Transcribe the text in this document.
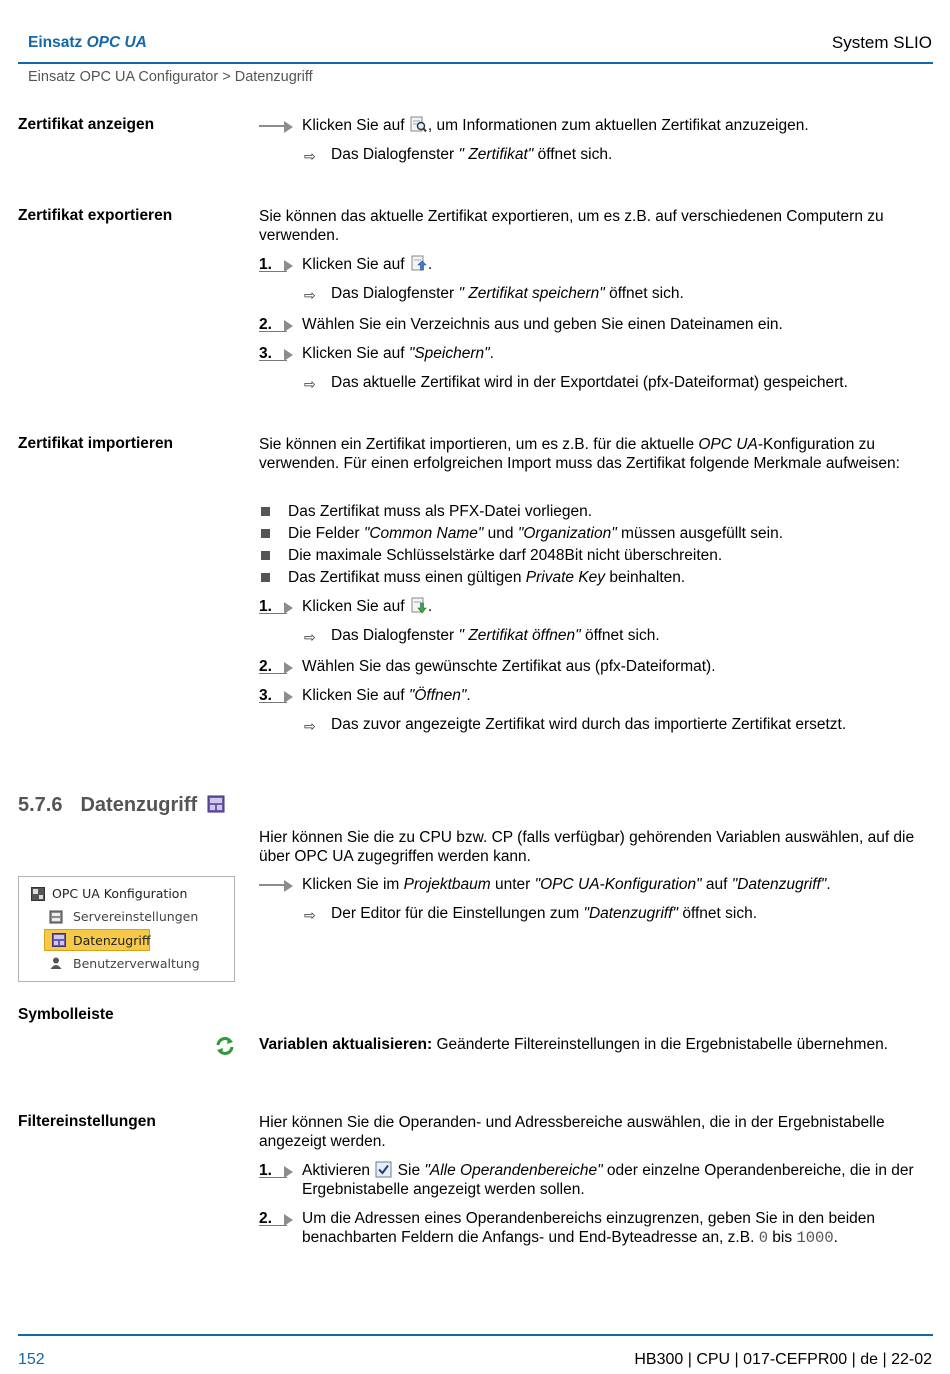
Einsatz OPC UA	System SLIO
Einsatz OPC UA Configurator > Datenzugriff
Zertifikat anzeigen	Klicken Sie auf , um Informationen zum aktuellen Zertifikat anzuzeigen.
⇨ Das Dialogfenster " Zertifikat" öffnet sich.
Zertifikat exportieren	Sie können das aktuelle Zertifikat exportieren, um es z.B. auf verschiedenen Computern zu verwenden.
1.	Klicken Sie auf .
⇨ Das Dialogfenster " Zertifikat speichern" öffnet sich.
2.	Wählen Sie ein Verzeichnis aus und geben Sie einen Dateinamen ein.
3.	Klicken Sie auf "Speichern".
⇨ Das aktuelle Zertifikat wird in der Exportdatei (pfx-Dateiformat) gespeichert.
Zertifikat importieren	Sie können ein Zertifikat importieren, um es z.B. für die aktuelle OPC UA-Konfiguration zu verwenden. Für einen erfolgreichen Import muss das Zertifikat folgende Merkmale aufweisen:
Das Zertifikat muss als PFX-Datei vorliegen.
Die Felder "Common Name" und "Organization" müssen ausgefüllt sein.
Die maximale Schlüsselstärke darf 2048Bit nicht überschreiten.
Das Zertifikat muss einen gültigen Private Key beinhalten.
1.	Klicken Sie auf .
⇨ Das Dialogfenster " Zertifikat öffnen" öffnet sich.
2.	Wählen Sie das gewünschte Zertifikat aus (pfx-Dateiformat).
3.	Klicken Sie auf "Öffnen".
⇨ Das zuvor angezeigte Zertifikat wird durch das importierte Zertifikat ersetzt.
5.7.6 Datenzugriff
Hier können Sie die zu CPU bzw. CP (falls verfügbar) gehörenden Variablen auswählen, auf die über OPC UA zugegriffen werden kann.
OPC UA Konfiguration
Servereinstellungen
Datenzugriff
Benutzerverwaltung
Klicken Sie im Projektbaum unter "OPC UA-Konfiguration" auf "Datenzugriff".
⇨ Der Editor für die Einstellungen zum "Datenzugriff" öffnet sich.
Symbolleiste
Variablen aktualisieren: Geänderte Filtereinstellungen in die Ergebnistabelle übernehmen.
Filtereinstellungen	Hier können Sie die Operanden- und Adressbereiche auswählen, die in der Ergebnistabelle angezeigt werden.
1.	Aktivieren  Sie "Alle Operandenbereiche" oder einzelne Operandenbereiche, die in der Ergebnistabelle angezeigt werden sollen.
2.	Um die Adressen eines Operandenbereichs einzugrenzen, geben Sie in den beiden benachbarten Feldern die Anfangs- und End-Byteadresse an, z.B. 0 bis 1000.
152	HB300 | CPU | 017-CEFPR00 | de | 22-02
